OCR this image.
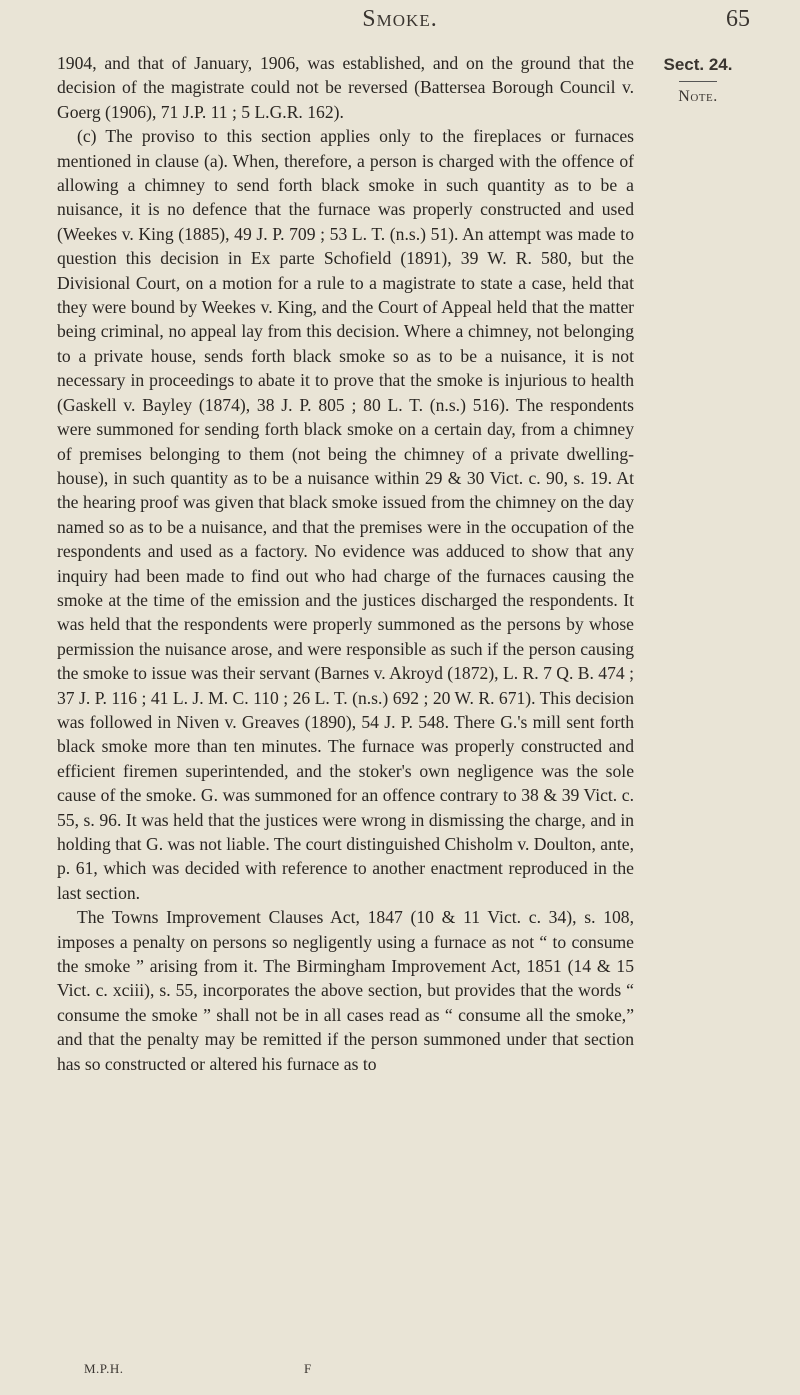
Smoke.	65
Sect. 24.
Note.

1904, and that of January, 1906, was established, and on the ground that the decision of the magistrate could not be reversed (Battersea Borough Council v. Goerg (1906), 71 J.P. 11 ; 5 L.G.R. 162).

(c) The proviso to this section applies only to the fireplaces or furnaces mentioned in clause (a). When, therefore, a person is charged with the offence of allowing a chimney to send forth black smoke in such quantity as to be a nuisance, it is no defence that the furnace was properly constructed and used (Weekes v. King (1885), 49 J. P. 709 ; 53 L. T. (n.s.) 51). An attempt was made to question this decision in Ex parte Schofield (1891), 39 W. R. 580, but the Divisional Court, on a motion for a rule to a magistrate to state a case, held that they were bound by Weekes v. King, and the Court of Appeal held that the matter being criminal, no appeal lay from this decision. Where a chimney, not belonging to a private house, sends forth black smoke so as to be a nuisance, it is not necessary in proceedings to abate it to prove that the smoke is injurious to health (Gaskell v. Bayley (1874), 38 J. P. 805 ; 80 L. T. (n.s.) 516). The respondents were summoned for sending forth black smoke on a certain day, from a chimney of premises belonging to them (not being the chimney of a private dwelling-house), in such quantity as to be a nuisance within 29 & 30 Vict. c. 90, s. 19. At the hearing proof was given that black smoke issued from the chimney on the day named so as to be a nuisance, and that the premises were in the occupation of the respondents and used as a factory. No evidence was adduced to show that any inquiry had been made to find out who had charge of the furnaces causing the smoke at the time of the emission and the justices discharged the respondents. It was held that the respondents were properly summoned as the persons by whose permission the nuisance arose, and were responsible as such if the person causing the smoke to issue was their servant (Barnes v. Akroyd (1872), L. R. 7 Q. B. 474 ; 37 J. P. 116 ; 41 L. J. M. C. 110 ; 26 L. T. (n.s.) 692 ; 20 W. R. 671). This decision was followed in Niven v. Greaves (1890), 54 J. P. 548. There G.'s mill sent forth black smoke more than ten minutes. The furnace was properly constructed and efficient firemen superintended, and the stoker's own negligence was the sole cause of the smoke. G. was summoned for an offence contrary to 38 & 39 Vict. c. 55, s. 96. It was held that the justices were wrong in dismissing the charge, and in holding that G. was not liable. The court distinguished Chisholm v. Doulton, ante, p. 61, which was decided with reference to another enactment reproduced in the last section.

The Towns Improvement Clauses Act, 1847 (10 & 11 Vict. c. 34), s. 108, imposes a penalty on persons so negligently using a furnace as not “ to consume the smoke ” arising from it. The Birmingham Improvement Act, 1851 (14 & 15 Vict. c. xciii), s. 55, incorporates the above section, but provides that the words “ consume the smoke ” shall not be in all cases read as “ consume all the smoke,” and that the penalty may be remitted if the person summoned under that section has so constructed or altered his furnace as to

M.P.H.	F
